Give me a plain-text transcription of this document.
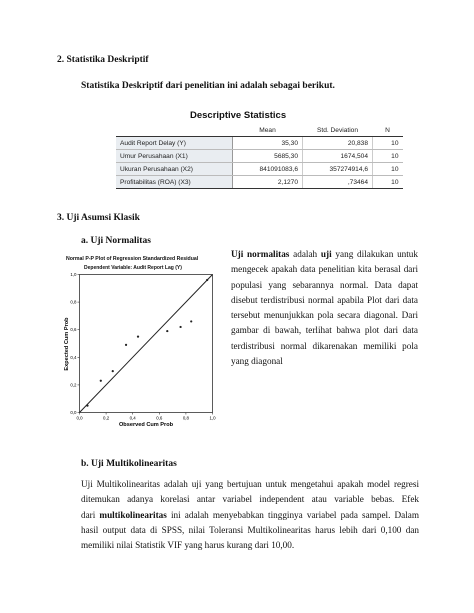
2. Statistika Deskriptif
Statistika Deskriptif dari penelitian ini adalah sebagai berikut.
Descriptive Statistics
	Mean	Std. Deviation	N
Audit Report Delay (Y)	35,30	20,838	10
Umur Perusahaan (X1)	5685,30	1674,504	10
Ukuran Perusahaan (X2)	841091083,6	357274914,6	10
Profitabilitas (ROA) (X3)	2,1270	,73464	10
3. Uji Asumsi Klasik
a. Uji Normalitas
Normal P-P Plot of Regression Standardized Residual
Dependent Variable: Audit Report Lag (Y)
0,0	0,2	0,4	0,6	0,8	1,0
0,0
0,2
0,4
0,6
0,8
1,0
Observed Cum Prob
Expected Cum Prob
Uji normalitas adalah uji yang dilakukan untuk
mengecek apakah data penelitian kita berasal dari
populasi yang sebarannya normal. Data dapat
disebut terdistribusi normal apabila Plot dari data
tersebut menunjukkan pola secara diagonal. Dari
gambar di bawah, terlihat bahwa plot dari data
terdistribusi normal dikarenakan memiliki pola
yang diagonal
b. Uji Multikolinearitas
Uji Multikolinearitas adalah uji yang bertujuan untuk mengetahui apakah model regresi
ditemukan adanya korelasi antar variabel independent atau variable bebas. Efek
dari multikolinearitas ini adalah menyebabkan tingginya variabel pada sampel. Dalam
hasil output data di SPSS, nilai Toleransi Multikolinearitas harus lebih dari 0,100 dan
memiliki nilai Statistik VIF yang harus kurang dari 10,00.
